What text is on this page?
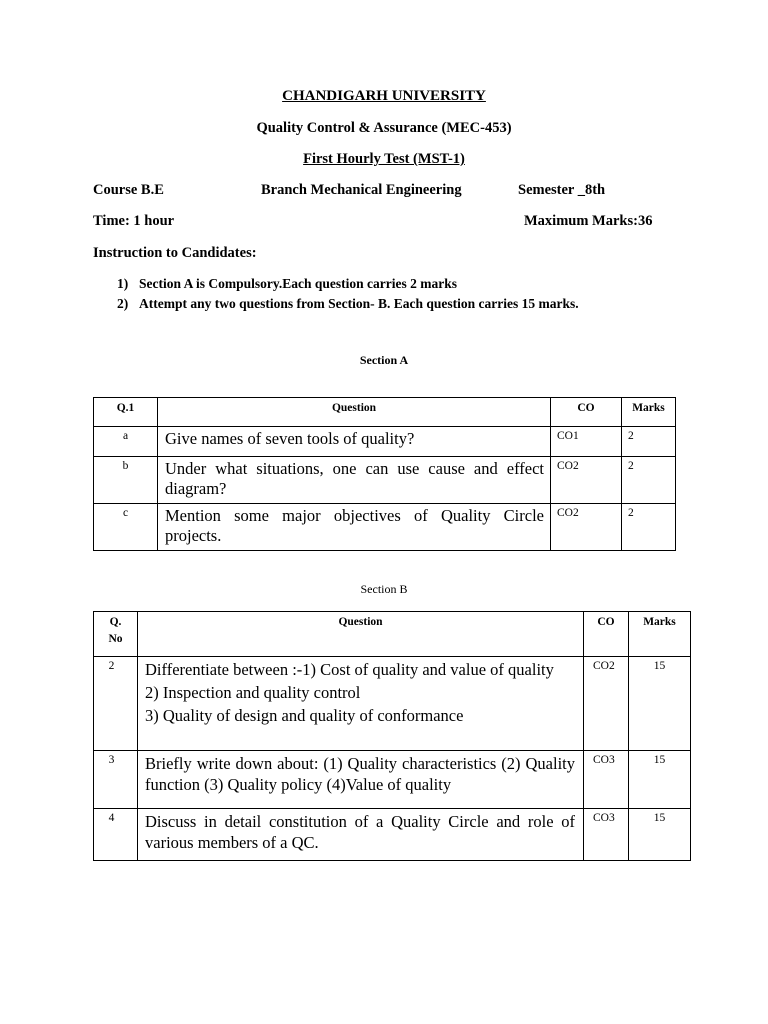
CHANDIGARH UNIVERSITY
Quality Control & Assurance (MEC-453)
First Hourly Test (MST-1)
Course B.E	Branch Mechanical Engineering	Semester _8th
Time: 1 hour	Maximum Marks:36
Instruction to Candidates:
1) Section A is Compulsory.Each question carries 2 marks
2) Attempt any two questions from Section- B. Each question carries 15 marks.
Section A
Q.1	Question	CO	Marks
a	Give names of seven tools of quality?	CO1	2
b	Under what situations, one can use cause and effect diagram?	CO2	2
c	Mention some major objectives of Quality Circle projects.	CO2	2
Section B
Q.
No	Question	CO	Marks
2	Differentiate between :-1) Cost of quality and value of quality

2) Inspection and quality control

3) Quality of design and quality of conformance	CO2	15
3	Briefly write down about: (1) Quality characteristics (2) Quality function (3) Quality policy (4)Value of quality	CO3	15
4	Discuss in detail constitution of a Quality Circle and role of various members of a QC.	CO3	15
